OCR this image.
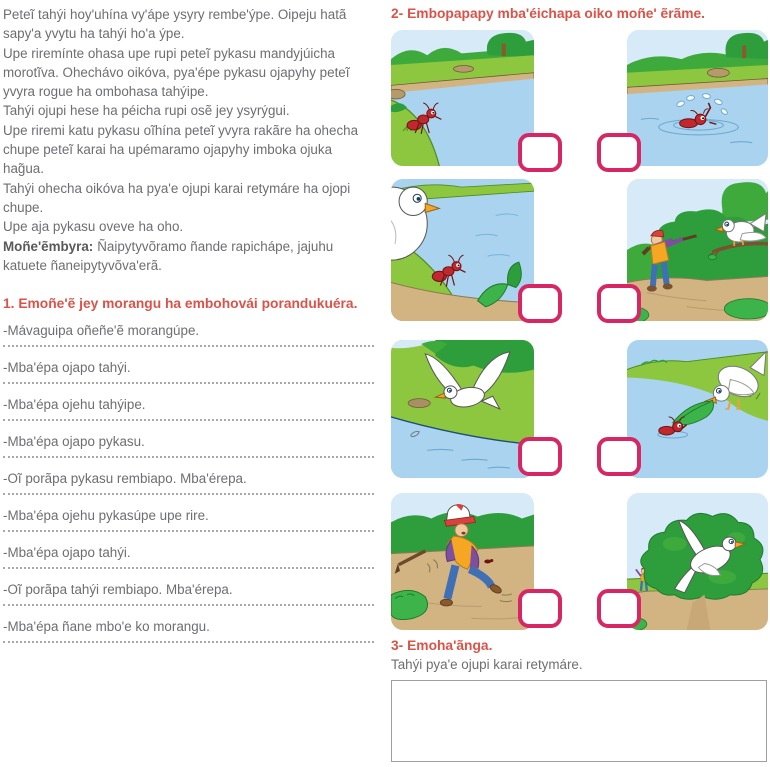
Peteĩ tahýi hoy'uhína vy'ápe ysyry rembe'ýpe. Oipeju hatã sapy'a yvytu ha tahýi ho'a ýpe.

Upe riremínte ohasa upe rupi peteĩ pykasu mandyjúicha morotĩva. Ohechávo oikóva, pya'épe pykasu ojapyhy peteĩ yvyra rogue ha ombohasa tahýipe.

Tahýi ojupi hese ha péicha rupi osẽ jey ysyrýgui.

Upe riremi katu pykasu oĩhína peteĩ yvyra rakãre ha ohecha chupe peteĩ karai ha upémaramo ojapyhy imboka ojuka hag̃ua.

Tahýi ohecha oikóva ha pya'e ojupi karai retymáre ha ojopi chupe.

Upe aja pykasu oveve ha oho.

Moñe'ẽmbyra: Ñaipytyvõramo ñande rapichápe, jajuhu katuete ñaneipytyvõva'erã.

1. Emoñe'ẽ jey morangu ha embohovái porandukuéra.
-Mávaguipa oñeñe'ẽ morangúpe.
-Mba'épa ojapo tahýi.
-Mba'épa ojehu tahýipe.
-Mba'épa ojapo pykasu.
-Oĩ porãpa pykasu rembiapo. Mba'érepa.
-Mba'épa ojehu pykasúpe upe rire.
-Mba'épa ojapo tahýi.
-Oĩ porãpa tahýi rembiapo. Mba'érepa.
-Mba'épa ñane mbo'e ko morangu.
2- Embopapapy mba'éichapa oiko moñe' ẽrãme.
3- Emoha'ãnga.
Tahýi pya'e ojupi karai retymáre.
